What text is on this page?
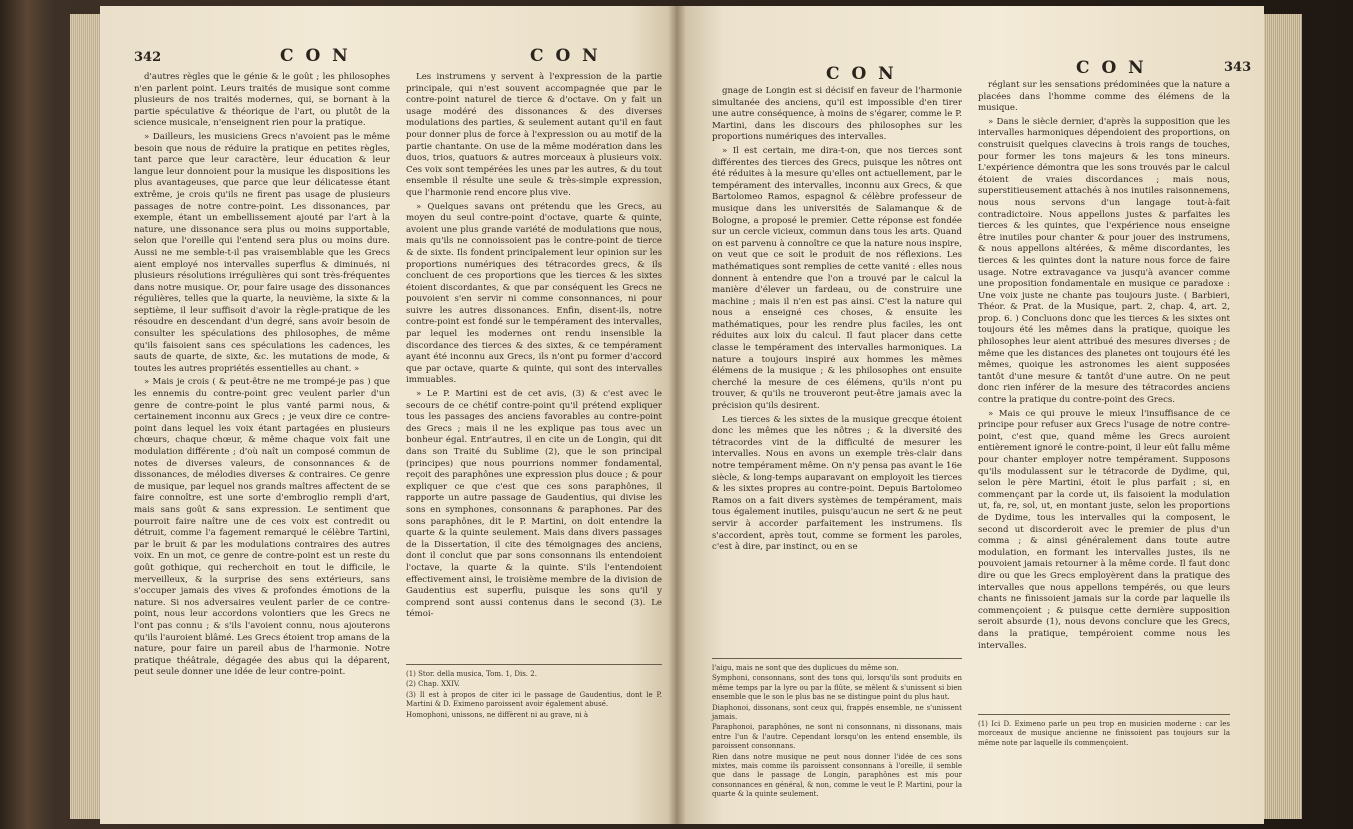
342	C O N	C O N

d'autres règles que le génie & le goût ; les philosophes n'en parlent point. Leurs traités de musique sont comme plusieurs de nos traités modernes, qui, se bornant à la partie spéculative & théorique de l'art, ou plutôt de la science musicale, n'enseignent rien pour la pratique.

» Dailleurs, les musiciens Grecs n'avoient pas le même besoin que nous de réduire la pratique en petites règles, tant parce que leur caractère, leur éducation & leur langue leur donnoient pour la musique les dispositions les plus avantageuses, que parce que leur délicatesse étant extrême, je crois qu'ils ne firent pas usage de plusieurs passages de notre contre-point. Les dissonances, par exemple, étant un embellissement ajouté par l'art à la nature, une dissonance sera plus ou moins supportable, selon que l'oreille qui l'entend sera plus ou moins dure. Aussi ne me semble-t-il pas vraisemblable que les Grecs aient employé nos intervalles superflus & diminués, ni plusieurs résolutions irrégulières qui sont très-fréquentes dans notre musique. Or, pour faire usage des dissonances régulières, telles que la quarte, la neuvième, la sixte & la septième, il leur suffisoit d'avoir la règle-pratique de les résoudre en descendant d'un degré, sans avoir besoin de consulter les spéculations des philosophes, de même qu'ils faisoient sans ces spéculations les cadences, les sauts de quarte, de sixte, &c. les mutations de mode, & toutes les autres propriétés essentielles au chant. »

» Mais je crois ( & peut-être ne me trompé-je pas ) que les ennemis du contre-point grec veulent parler d'un genre de contre-point le plus vanté parmi nous, & certainement inconnu aux Grecs ; je veux dire ce contre-point dans lequel les voix étant partagées en plusieurs chœurs, chaque chœur, & même chaque voix fait une modulation différente ; d'où naît un composé commun de notes de diverses valeurs, de consonnances & de dissonances, de mélodies diverses & contraires. Ce genre de musique, par lequel nos grands maîtres affectent de se faire connoître, est une sorte d'embroglio rempli d'art, mais sans goût & sans expression. Le sentiment que pourroit faire naître une de ces voix est contredit ou détruit, comme l'a fagement remarqué le célèbre Tartini, par le bruit & par les modulations contraires des autres voix. En un mot, ce genre de contre-point est un reste du goût gothique, qui recherchoit en tout le difficile, le merveilleux, & la surprise des sens extérieurs, sans s'occuper jamais des vives & profondes émotions de la nature. Si nos adversaires veulent parler de ce contre-point, nous leur accordons volontiers que les Grecs ne l'ont pas connu ; & s'ils l'avoient connu, nous ajouterons qu'ils l'auroient blâmé. Les Grecs étoient trop amans de la nature, pour faire un pareil abus de l'harmonie. Notre pratique théâtrale, dégagée des abus qui la déparent, peut seule donner une idée de leur contre-point.

Les instrumens y servent à l'expression de la partie principale, qui n'est souvent accompagnée que par le contre-point naturel de tierce & d'octave. On y fait un usage modéré des dissonances & des diverses modulations des parties, & seulement autant qu'il en faut pour donner plus de force à l'expression ou au motif de la partie chantante. On use de la même modération dans les duos, trios, quatuors & autres morceaux à plusieurs voix. Ces voix sont tempérées les unes par les autres, & du tout ensemble il résulte une seule & très-simple expression, que l'harmonie rend encore plus vive.

» Quelques savans ont prétendu que les Grecs, au moyen du seul contre-point d'octave, quarte & quinte, avoient une plus grande variété de modulations que nous, mais qu'ils ne connoissoient pas le contre-point de tierce & de sixte. Ils fondent principalement leur opinion sur les proportions numériques des tétracordes grecs, & ils concluent de ces proportions que les tierces & les sixtes étoient discordantes, & que par conséquent les Grecs ne pouvoient s'en servir ni comme consonnances, ni pour suivre les autres dissonances. Enfin, disent-ils, notre contre-point est fondé sur le tempérament des intervalles, par lequel les modernes ont rendu insensible la discordance des tierces & des sixtes, & ce tempérament ayant été inconnu aux Grecs, ils n'ont pu former d'accord que par octave, quarte & quinte, qui sont des intervalles immuables.

» Le P. Martini est de cet avis, (3) & c'est avec le secours de ce chétif contre-point qu'il prétend expliquer tous les passages des anciens favorables au contre-point des Grecs ; mais il ne les explique pas tous avec un bonheur égal. Entr'autres, il en cite un de Longin, qui dit dans son Traité du Sublime (2), que le son principal (principes) que nous pourrions nommer fondamental, reçoit des paraphônes une expression plus douce ; & pour expliquer ce que c'est que ces sons paraphônes, il rapporte un autre passage de Gaudentius, qui divise les sons en symphones, consonnans & paraphones. Par des sons paraphônes, dit le P. Martini, on doit entendre la quarte & la quinte seulement. Mais dans divers passages de la Dissertation, il cite des témoignages des anciens, dont il conclut que par sons consonnans ils entendoient l'octave, la quarte & la quinte. S'ils l'entendoient effectivement ainsi, le troisième membre de la division de Gaudentius est superflu, puisque les sons qu'il y comprend sont aussi contenus dans le second (3). Le témoi-

(1) Stor. della musica, Tom. 1, Dis. 2.

(2) Chap. XXIV.

(3) Il est à propos de citer ici le passage de Gaudentius, dont le P. Martini & D. Eximeno paroissent avoir également abusé.

Homophoni, unissons, ne diffèrent ni au grave, ni à

C O N	C O N	343

gnage de Longin est si décisif en faveur de l'harmonie simultanée des anciens, qu'il est impossible d'en tirer une autre conséquence, à moins de s'égarer, comme le P. Martini, dans les discours des philosophes sur les proportions numériques des intervalles.

» Il est certain, me dira-t-on, que nos tierces sont différentes des tierces des Grecs, puisque les nôtres ont été réduites à la mesure qu'elles ont actuellement, par le tempérament des intervalles, inconnu aux Grecs, & que Bartolomeo Ramos, espagnol & célèbre professeur de musique dans les universités de Salamanque & de Bologne, a proposé le premier. Cette réponse est fondée sur un cercle vicieux, commun dans tous les arts. Quand on est parvenu à connoître ce que la nature nous inspire, on veut que ce soit le produit de nos réflexions. Les mathématiques sont remplies de cette vanité : elles nous donnent à entendre que l'on a trouvé par le calcul la manière d'élever un fardeau, ou de construire une machine ; mais il n'en est pas ainsi. C'est la nature qui nous a enseigné ces choses, & ensuite les mathématiques, pour les rendre plus faciles, les ont réduites aux loix du calcul. Il faut placer dans cette classe le tempérament des intervalles harmoniques. La nature a toujours inspiré aux hommes les mêmes élémens de la musique ; & les philosophes ont ensuite cherché la mesure de ces élémens, qu'ils n'ont pu trouver, & qu'ils ne trouveront peut-être jamais avec la précision qu'ils desirent.

Les tierces & les sixtes de la musique grecque étoient donc les mêmes que les nôtres ; & la diversité des tétracordes vint de la difficulté de mesurer les intervalles. Nous en avons un exemple très-clair dans notre tempérament même. On n'y pensa pas avant le 16e siècle, & long-temps auparavant on employoit les tierces & les sixtes propres au contre-point. Depuis Bartolomeo Ramos on a fait divers systèmes de tempérament, mais tous également inutiles, puisqu'aucun ne sert & ne peut servir à accorder parfaitement les instrumens. Ils s'accordent, après tout, comme se forment les paroles, c'est à dire, par instinct, ou en se

l'aigu, mais ne sont que des duplicues du même son.

Symphoni, consonnans, sont des tons qui, lorsqu'ils sont produits en même temps par la lyre ou par la flûte, se mêlent & s'unissent si bien ensemble que le son le plus bas ne se distingue point du plus haut.

Diaphonoi, dissonans, sont ceux qui, frappés ensemble, ne s'unissent jamais.

Paraphonoi, paraphônes, ne sont ni consonnans, ni dissonans, mais entre l'un & l'autre. Cependant lorsqu'on les entend ensemble, ils paroissent consonnans.

Rien dans notre musique ne peut nous donner l'idée de ces sons mixtes, mais comme ils paroissent consonnans à l'oreille, il semble que dans le passage de Longin, paraphônes est mis pour consonnances en général, & non, comme le veut le P. Martini, pour la quarte & la quinte seulement.

réglant sur les sensations prédominées que la nature a placées dans l'homme comme des élémens de la musique.

» Dans le siècle dernier, d'après la supposition que les intervalles harmoniques dépendoient des proportions, on construisit quelques clavecins à trois rangs de touches, pour former les tons majeurs & les tons mineurs. L'expérience démontra que les sons trouvés par le calcul étoient de vraies discordances ; mais nous, superstitieusement attachés à nos inutiles raisonnemens, nous nous servons d'un langage tout-à-fait contradictoire. Nous appellons justes & parfaites les tierces & les quintes, que l'expérience nous enseigne être inutiles pour chanter & pour jouer des instrumens, & nous appellons altérées, & même discordantes, les tierces & les quintes dont la nature nous force de faire usage. Notre extravagance va jusqu'à avancer comme une proposition fondamentale en musique ce paradoxe : Une voix juste ne chante pas toujours juste. ( Barbieri, Théor. & Prat. de la Musique, part. 2, chap. 4, art. 2, prop. 6. ) Concluons donc que les tierces & les sixtes ont toujours été les mêmes dans la pratique, quoique les philosophes leur aient attribué des mesures diverses ; de même que les distances des planetes ont toujours été les mêmes, quoique les astronomes les aient supposées tantôt d'une mesure & tantôt d'une autre. On ne peut donc rien inférer de la mesure des tétracordes anciens contre la pratique du contre-point des Grecs.

» Mais ce qui prouve le mieux l'insuffisance de ce principe pour refuser aux Grecs l'usage de notre contre-point, c'est que, quand même les Grecs auroient entièrement ignoré le contre-point, il leur eût fallu même pour chanter employer notre tempérament. Supposons qu'ils modulassent sur le tétracorde de Dydime, qui, selon le père Martini, étoit le plus parfait ; si, en commençant par la corde ut, ils faisoient la modulation ut, fa, re, sol, ut, en montant juste, selon les proportions de Dydime, tous les intervalles qui la composent, le second ut discorderoit avec le premier de plus d'un comma ; & ainsi généralement dans toute autre modulation, en formant les intervalles justes, ils ne pouvoient jamais retourner à la même corde. Il faut donc dire ou que les Grecs employèrent dans la pratique des intervalles que nous appellons tempérés, ou que leurs chants ne finissoient jamais sur la corde par laquelle ils commençoient ; & puisque cette dernière supposition seroit absurde (1), nous devons conclure que les Grecs, dans la pratique, tempéroient comme nous les intervalles.

(1) Ici D. Eximeno parle un peu trop en musicien moderne : car les morceaux de musique ancienne ne finissoient pas toujours sur la même note par laquelle ils commençoient.
